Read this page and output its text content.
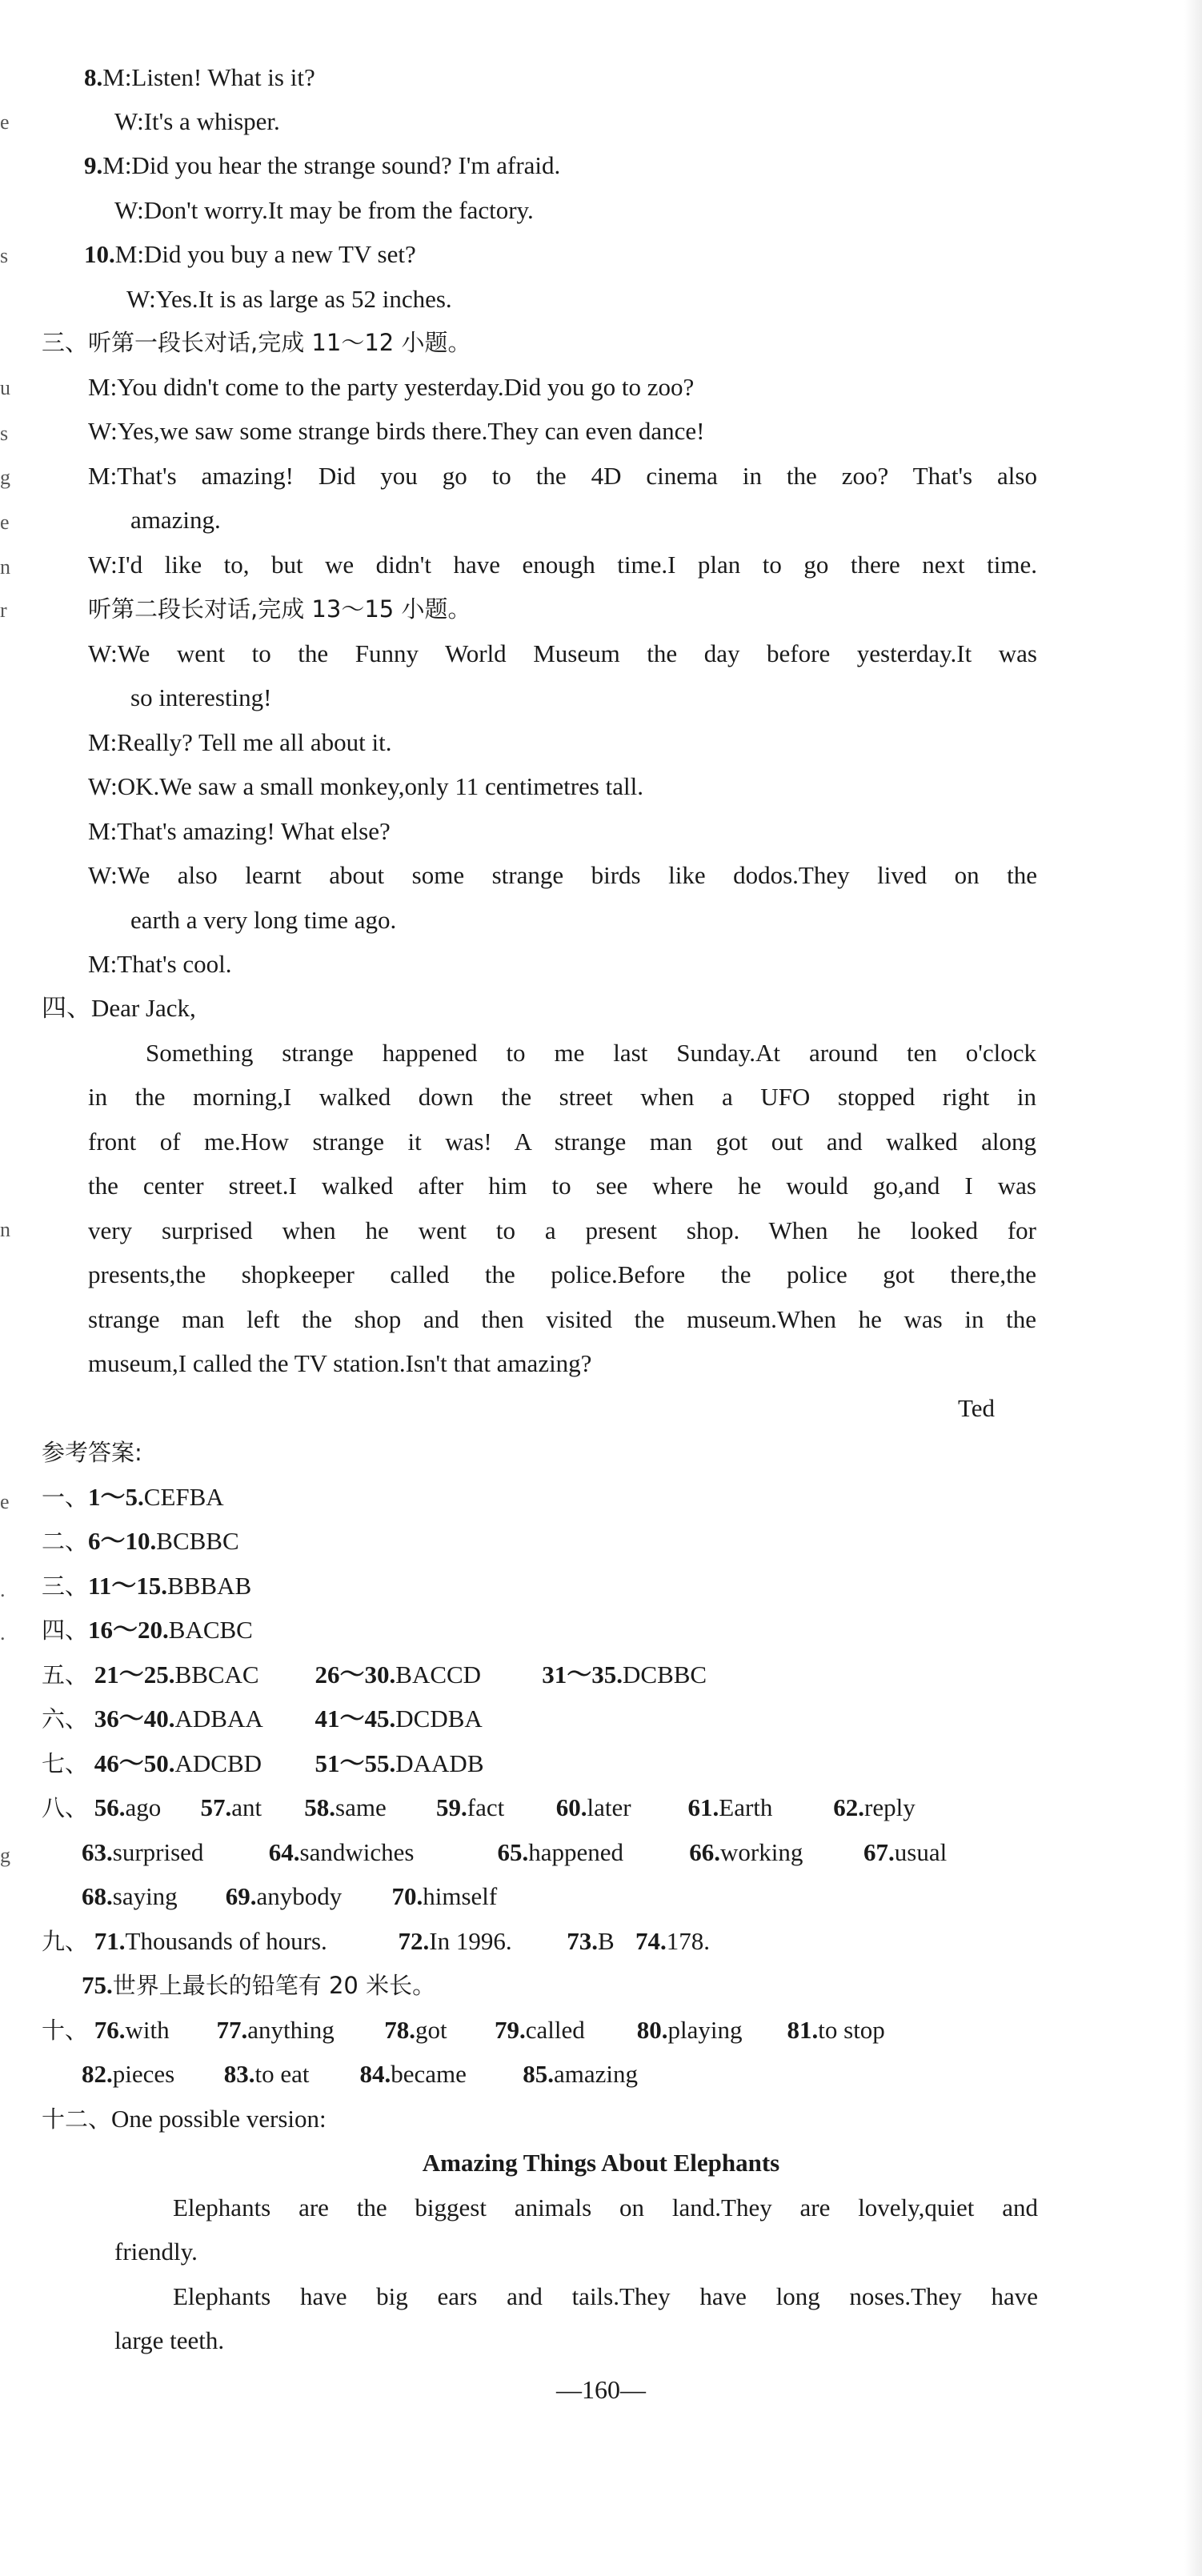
e
s
u
s
g
e
n
r
n
e
.
.
g
8.M:Listen! What is it?
W:It's a whisper.
9.M:Did you hear the strange sound? I'm afraid.
W:Don't worry.It may be from the factory.
10.M:Did you buy a new TV set?
W:Yes.It is as large as 52 inches.
三、听第一段长对话,完成 11～12 小题。
M:You didn't come to the party yesterday.Did you go to zoo?
W:Yes,we saw some strange birds there.They can even dance!
M:That's amazing! Did you go to the 4D cinema in the zoo? That's also
amazing.
W:I'd like to, but we didn't have enough time.I plan to go there next time.
听第二段长对话,完成 13～15 小题。
W:We went to the Funny World Museum the day before yesterday.It was
so interesting!
M:Really? Tell me all about it.
W:OK.We saw a small monkey,only 11 centimetres tall.
M:That's amazing! What else?
W:We also learnt about some strange birds like dodos.They lived on the
earth a very long time ago.
M:That's cool.
四、Dear Jack,
Something strange happened to me last Sunday.At around ten o'clock
in the morning,I walked down the street when a UFO stopped right in
front of me.How strange it was! A strange man got out and walked along
the center street.I walked after him to see where he would go,and I was
very surprised when he went to a present shop. When he looked for
presents,the shopkeeper called the police.Before the police got there,the
strange man left the shop and then visited the museum.When he was in the
museum,I called the TV station.Isn't that amazing?
Ted
参考答案:
一、1～5.CEFBA
二、6～10.BCBBC
三、11～15.BBBAB
四、16～20.BACBC
五、 21～25.BBCAC 26～30.BACCD 31～35.DCBBC
六、 36～40.ADBAA 41～45.DCDBA
七、 46～50.ADCBD 51～55.DAADB
八、 56.ago 57.ant 58.same 59.fact 60.later 61.Earth 62.reply
63.surprised	64.sandwiches	65.happened	66.working 67.usual
68.saying 69.anybody 70.himself
九、 71.Thousands of hours.	72.In 1996. 73.B 74.178.
75.世界上最长的铅笔有 20 米长。
十、 76.with 77.anything 78.got 79.called 80.playing 81.to stop
82.pieces 83.to eat 84.became 85.amazing
十二、One possible version:
Amazing Things About Elephants
Elephants are the biggest animals on land.They are lovely,quiet and
friendly.
Elephants have big ears and tails.They have long noses.They have
large teeth.
—160—
